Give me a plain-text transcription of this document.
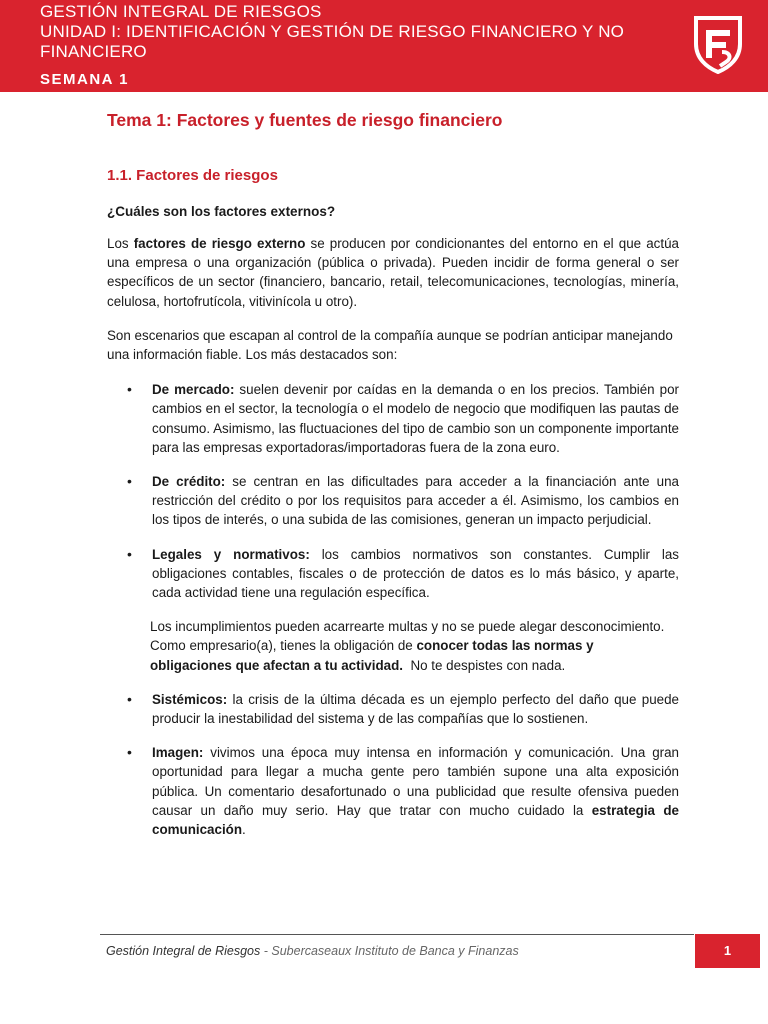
GESTIÓN INTEGRAL DE RIESGOS
UNIDAD I: IDENTIFICACIÓN Y GESTIÓN DE RIESGO FINANCIERO Y NO FINANCIERO
SEMANA 1
Tema 1: Factores y fuentes de riesgo financiero
1.1. Factores de riesgos
¿Cuáles son los factores externos?

Los factores de riesgo externo se producen por condicionantes del entorno en el que actúa una empresa o una organización (pública o privada). Pueden incidir de forma general o ser específicos de un sector (financiero, bancario, retail, telecomunicaciones, tecnologías, minería, celulosa, hortofrutícola, vitivinícola u otro).

Son escenarios que escapan al control de la compañía aunque se podrían anticipar manejando una información fiable. Los más destacados son:

• De mercado: suelen devenir por caídas en la demanda o en los precios. También por cambios en el sector, la tecnología o el modelo de negocio que modifiquen las pautas de consumo. Asimismo, las fluctuaciones del tipo de cambio son un componente importante para las empresas exportadoras/importadoras fuera de la zona euro.
• De crédito: se centran en las dificultades para acceder a la financiación ante una restricción del crédito o por los requisitos para acceder a él. Asimismo, los cambios en los tipos de interés, o una subida de las comisiones, generan un impacto perjudicial.
• Legales y normativos: los cambios normativos son constantes. Cumplir las obligaciones contables, fiscales o de protección de datos es lo más básico, y aparte, cada actividad tiene una regulación específica.

Los incumplimientos pueden acarrearte multas y no se puede alegar desconocimiento. Como empresario(a), tienes la obligación de conocer todas las normas y obligaciones que afectan a tu actividad.  No te despistes con nada.

• Sistémicos: la crisis de la última década es un ejemplo perfecto del daño que puede producir la inestabilidad del sistema y de las compañías que lo sostienen.
• Imagen: vivimos una época muy intensa en información y comunicación. Una gran oportunidad para llegar a mucha gente pero también supone una alta exposición pública. Un comentario desafortunado o una publicidad que resulte ofensiva pueden causar un daño muy serio. Hay que tratar con mucho cuidado la estrategia de comunicación.
Gestión Integral de Riesgos - Subercaseaux Instituto de Banca y Finanzas	1
